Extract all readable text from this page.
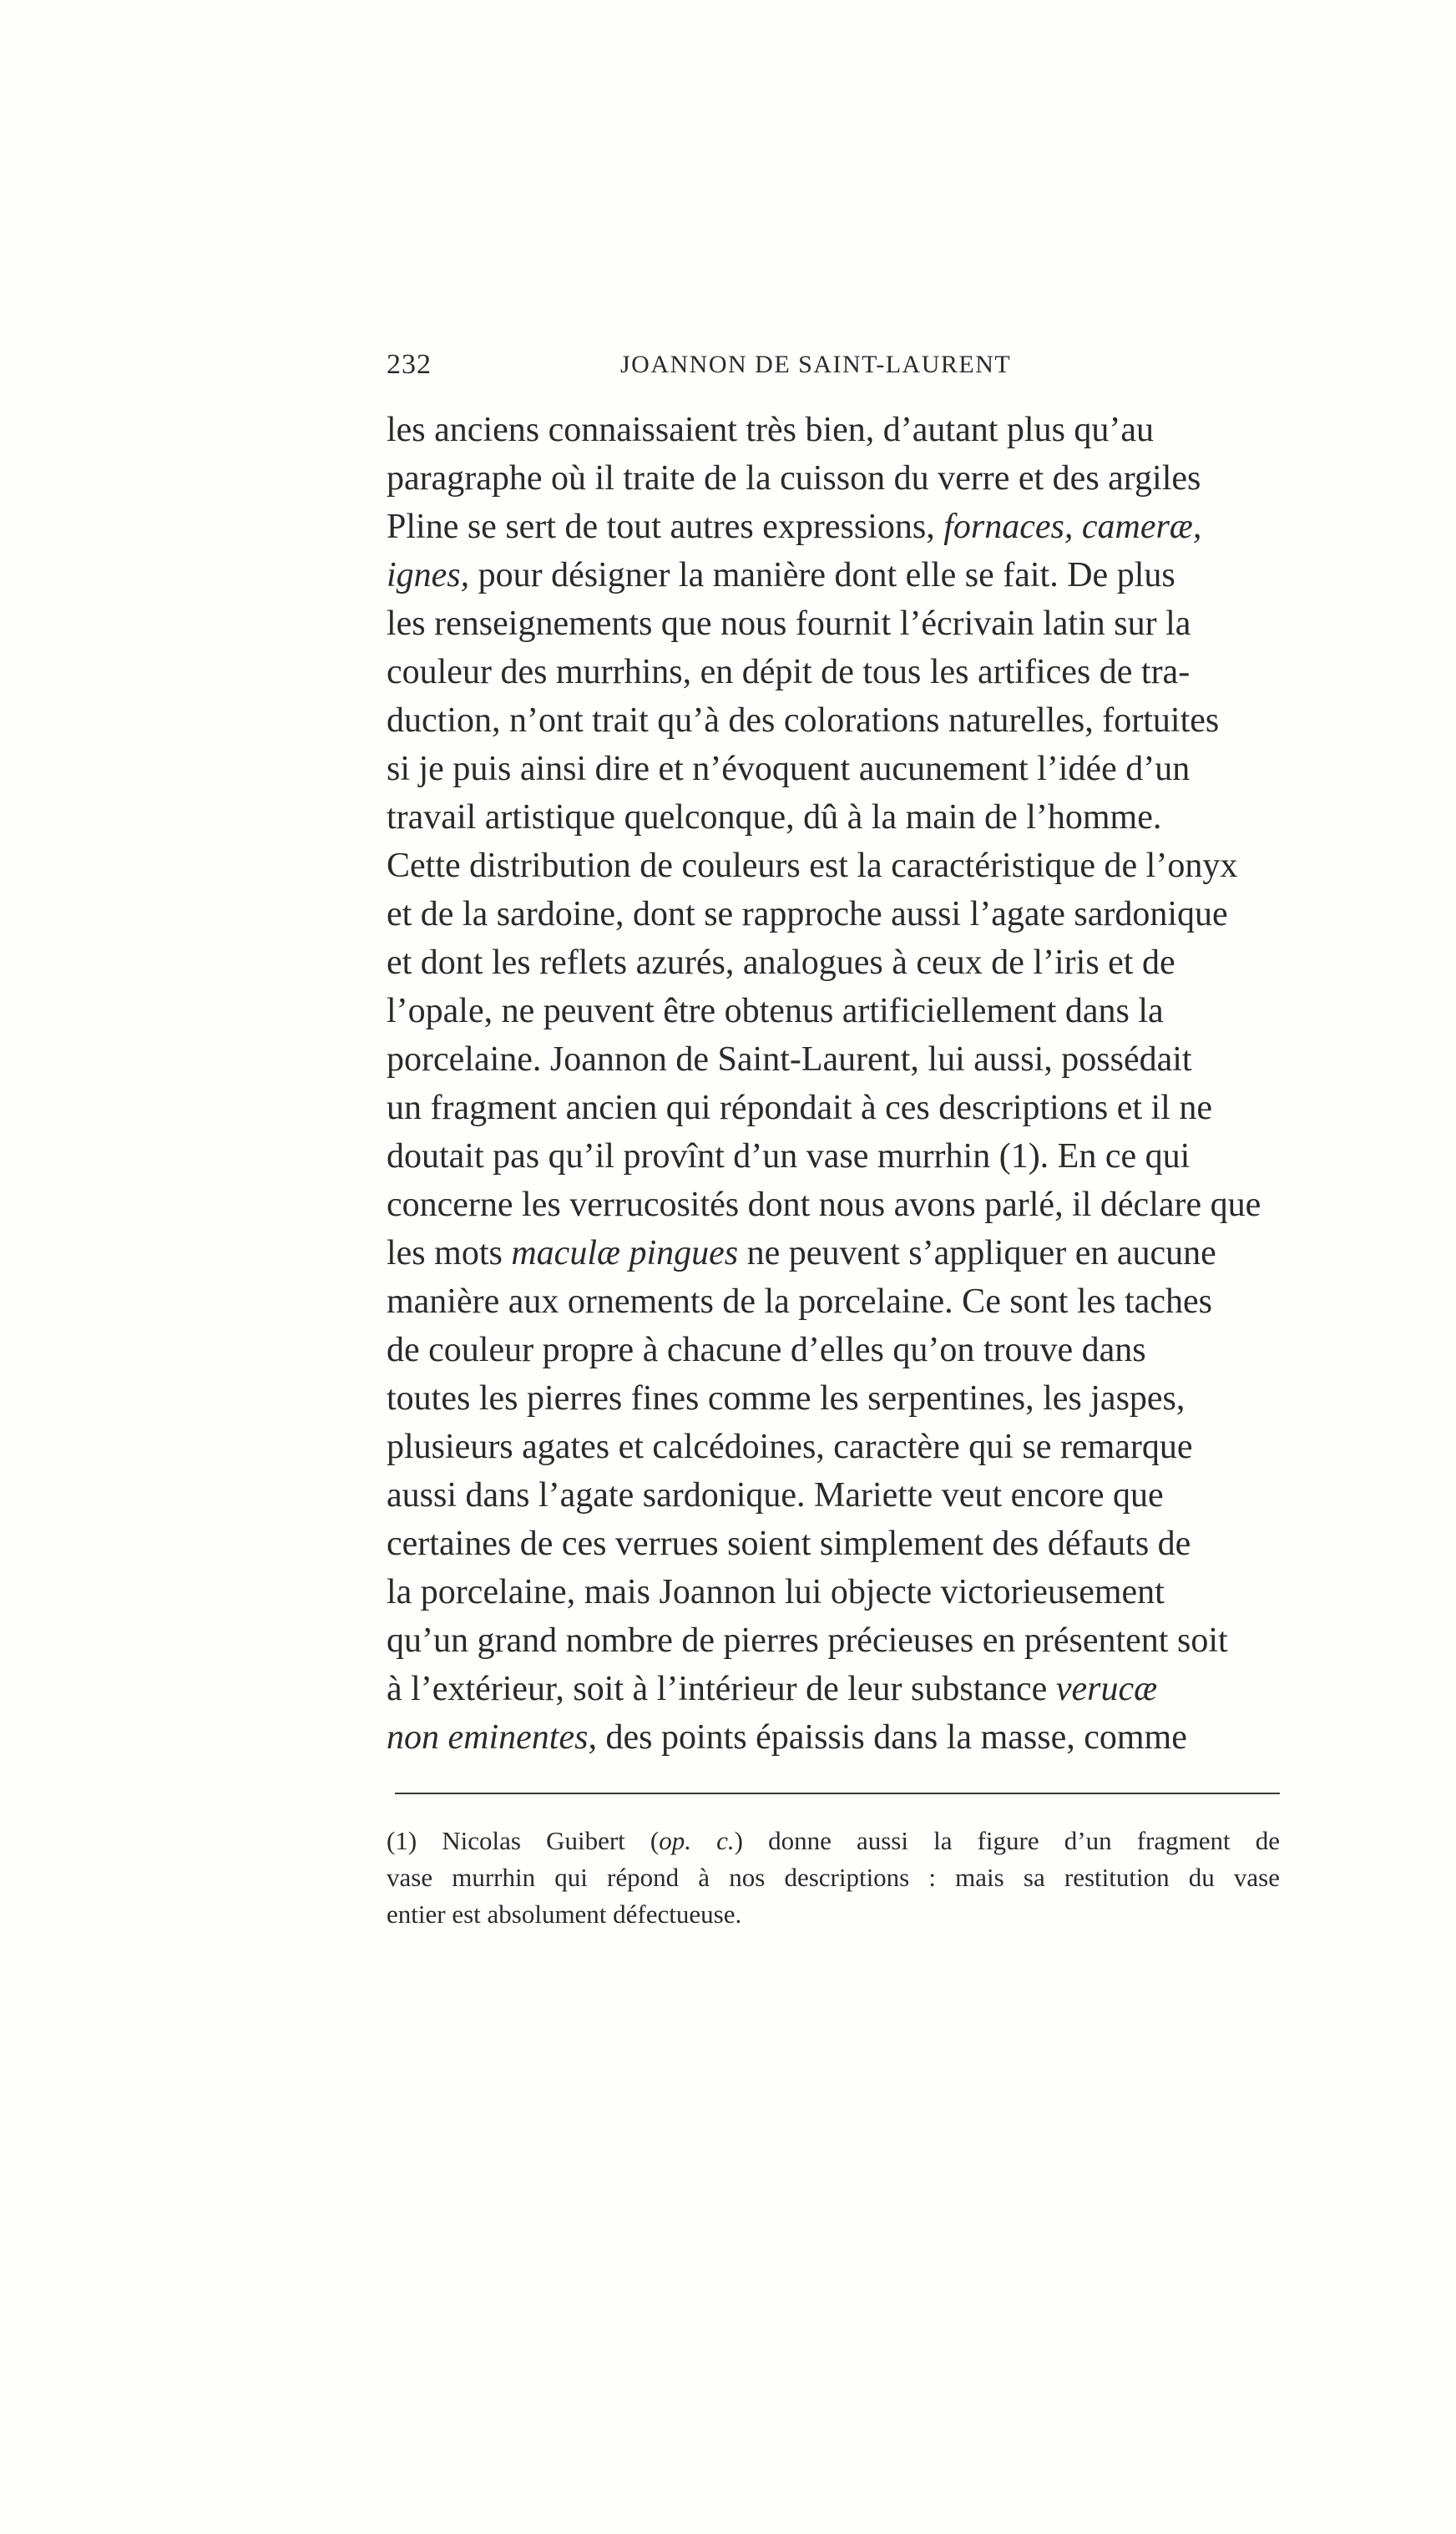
232	JOANNON DE SAINT-LAURENT
les anciens connaissaient très bien, d’autant plus qu’au
paragraphe où il traite de la cuisson du verre et des argiles
Pline se sert de tout autres expressions, fornaces, cameræ,
ignes, pour désigner la manière dont elle se fait. De plus
les renseignements que nous fournit l’écrivain latin sur la
couleur des murrhins, en dépit de tous les artifices de tra-
duction, n’ont trait qu’à des colorations naturelles, fortuites
si je puis ainsi dire et n’évoquent aucunement l’idée d’un
travail artistique quelconque, dû à la main de l’homme.
Cette distribution de couleurs est la caractéristique de l’onyx
et de la sardoine, dont se rapproche aussi l’agate sardonique
et dont les reflets azurés, analogues à ceux de l’iris et de
l’opale, ne peuvent être obtenus artificiellement dans la
porcelaine. Joannon de Saint-Laurent, lui aussi, possédait
un fragment ancien qui répondait à ces descriptions et il ne
doutait pas qu’il provînt d’un vase murrhin (1). En ce qui
concerne les verrucosités dont nous avons parlé, il déclare que
les mots maculæ pingues ne peuvent s’appliquer en aucune
manière aux ornements de la porcelaine. Ce sont les taches
de couleur propre à chacune d’elles qu’on trouve dans
toutes les pierres fines comme les serpentines, les jaspes,
plusieurs agates et calcédoines, caractère qui se remarque
aussi dans l’agate sardonique. Mariette veut encore que
certaines de ces verrues soient simplement des défauts de
la porcelaine, mais Joannon lui objecte victorieusement
qu’un grand nombre de pierres précieuses en présentent soit
à l’extérieur, soit à l’intérieur de leur substance verucæ
non eminentes, des points épaissis dans la masse, comme
(1) Nicolas Guibert (op. c.) donne aussi la figure d’un fragment de
vase murrhin qui répond à nos descriptions : mais sa restitution du vase
entier est absolument défectueuse.
